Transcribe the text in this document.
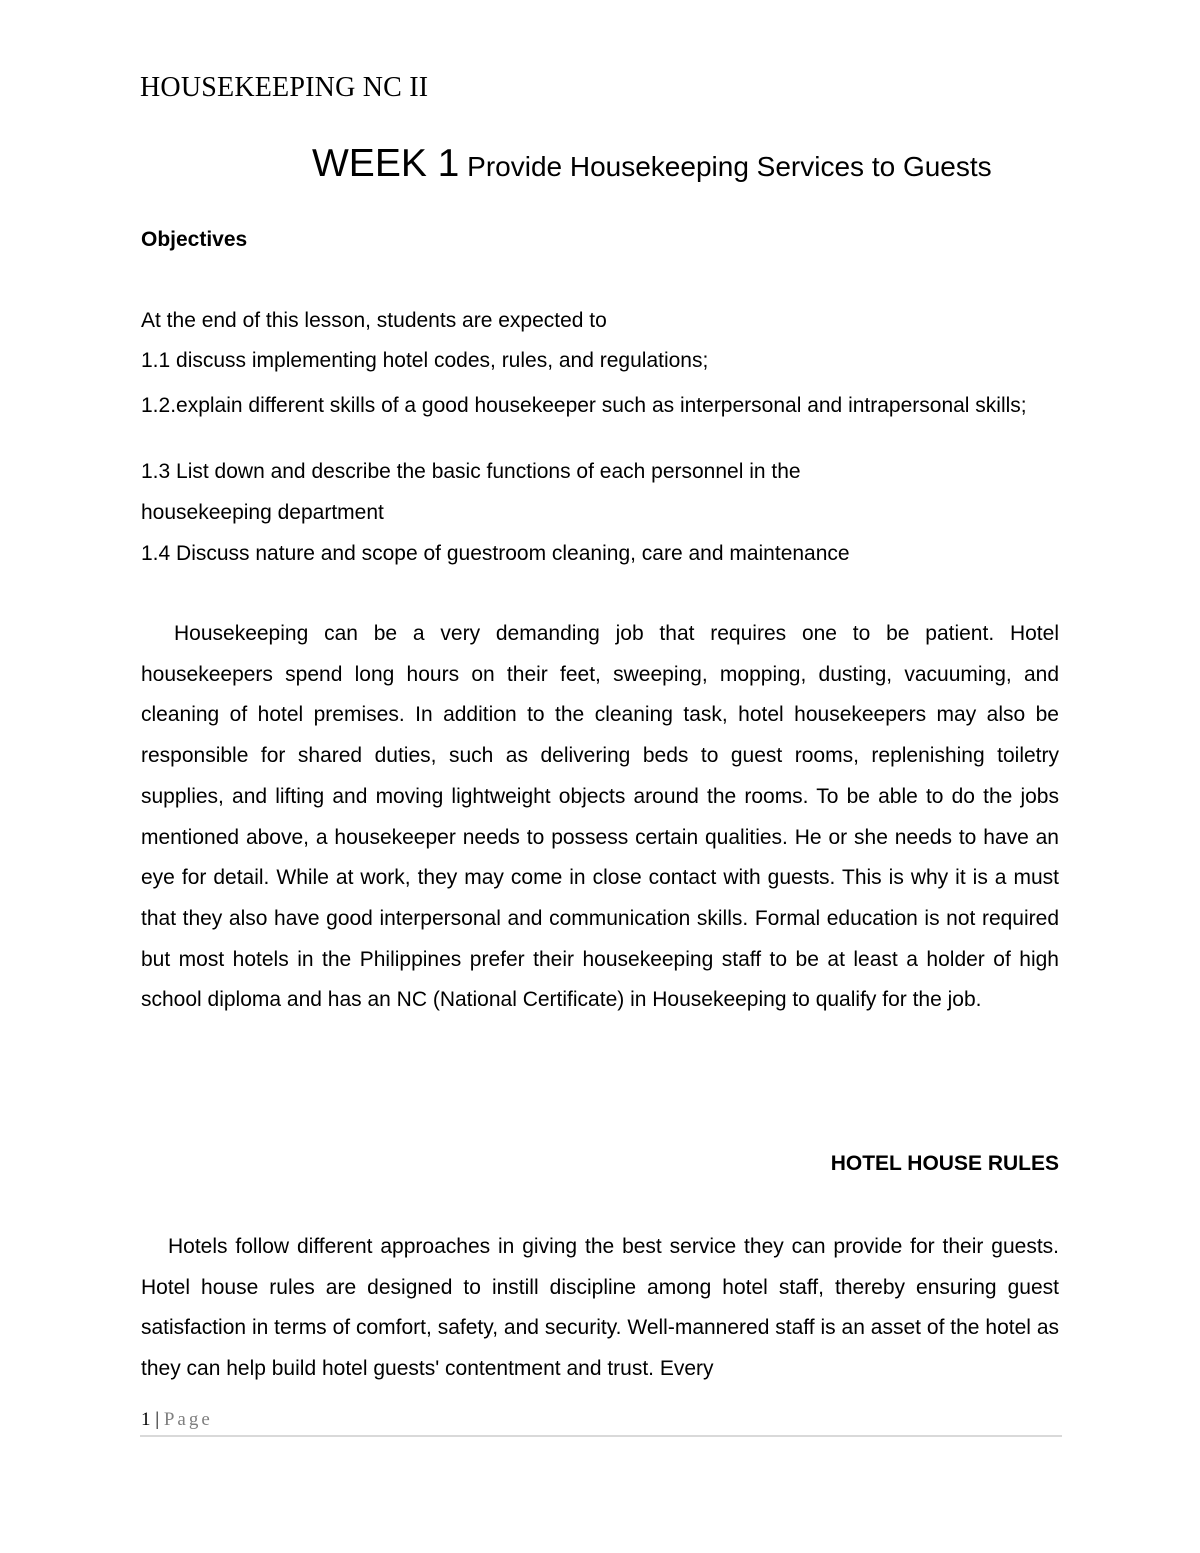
HOUSEKEEPING NC II
WEEK 1 Provide Housekeeping Services to Guests
Objectives
At the end of this lesson, students are expected to
1.1 discuss implementing hotel codes, rules, and regulations;
1.2.explain different skills of a good housekeeper such as interpersonal and intrapersonal skills;
1.3 List down and describe the basic functions of each personnel in the
housekeeping department
1.4 Discuss nature and scope of guestroom cleaning, care and maintenance
Housekeeping can be a very demanding job that requires one to be patient. Hotel housekeepers spend long hours on their feet, sweeping, mopping, dusting, vacuuming, and cleaning of hotel premises. In addition to the cleaning task, hotel housekeepers may also be responsible for shared duties, such as delivering beds to guest rooms, replenishing toiletry supplies, and lifting and moving lightweight objects around the rooms. To be able to do the jobs mentioned above, a housekeeper needs to possess certain qualities. He or she needs to have an eye for detail. While at work, they may come in close contact with guests. This is why it is a must that they also have good interpersonal and communication skills. Formal education is not required but most hotels in the Philippines prefer their housekeeping staff to be at least a holder of high school diploma and has an NC (National Certificate) in Housekeeping to qualify for the job.
HOTEL HOUSE RULES
Hotels follow different approaches in giving the best service they can provide for their guests. Hotel house rules are designed to instill discipline among hotel staff, thereby ensuring guest satisfaction in terms of comfort, safety, and security. Well-mannered staff is an asset of the hotel as they can help build hotel guests' contentment and trust. Every
1 | Page
